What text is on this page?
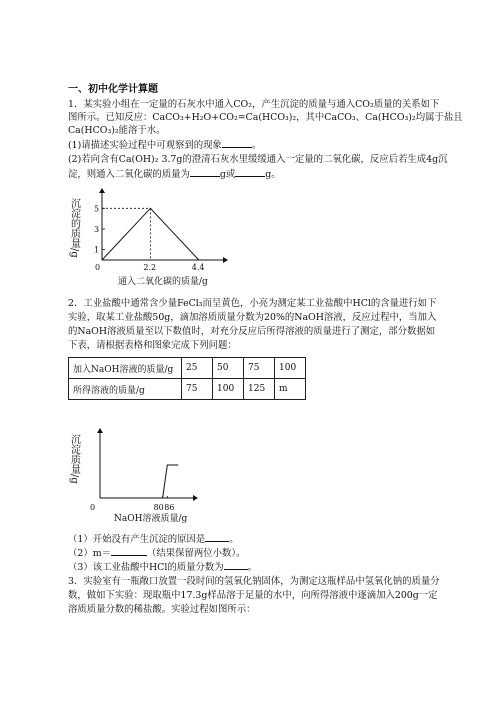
一、初中化学计算题
1．某实验小组在一定量的石灰水中通入CO₂，产生沉淀的质量与通入CO₂质量的关系如下
图所示。已知反应：CaCO₃+H₂O+CO₂=Ca(HCO₃)₂，其中CaCO₃、Ca(HCO₃)₂均属于盐且
Ca(HCO₃)₂能溶于水。
(1)请描述实验过程中可观察到的现象	。
(2)若向含有Ca(OH)₂ 3.7g的澄清石灰水里缓缓通入一定量的二氧化碳，反应后若生成4g沉
淀，则通入二氧化碳的质量为	g或	g。
沉淀的质量/g
2.2	4.4
1
3
5
0
通入二氧化碳的质量/g
2．工业盐酸中通常含少量FeCl₃而呈黄色，小亮为测定某工业盐酸中HCl的含量进行如下
实验，取某工业盐酸50g，滴加溶质质量分数为20%的NaOH溶液，反应过程中，当加入
的NaOH溶液质量至以下数值时，对充分反应后所得溶液的质量进行了测定，部分数据如
下表，请根据表格和图象完成下列问题：
加入NaOH溶液的质量/g	25	50	75	100
所得溶液的质量/g	75	100	125	m
沉淀质量/g
0	80 86
NaOH溶液质量/g
（1）开始没有产生沉淀的原因是	。
（2）m＝	（结果保留两位小数）。
（3）该工业盐酸中HCl的质量分数为	。
3．实验室有一瓶敞口放置一段时间的氢氧化钠固体，为测定这瓶样品中氢氧化钠的质量分
数，做如下实验：现取瓶中17.3g样品溶于足量的水中，向所得溶液中逐滴加入200g一定
溶质质量分数的稀盐酸。实验过程如图所示：
